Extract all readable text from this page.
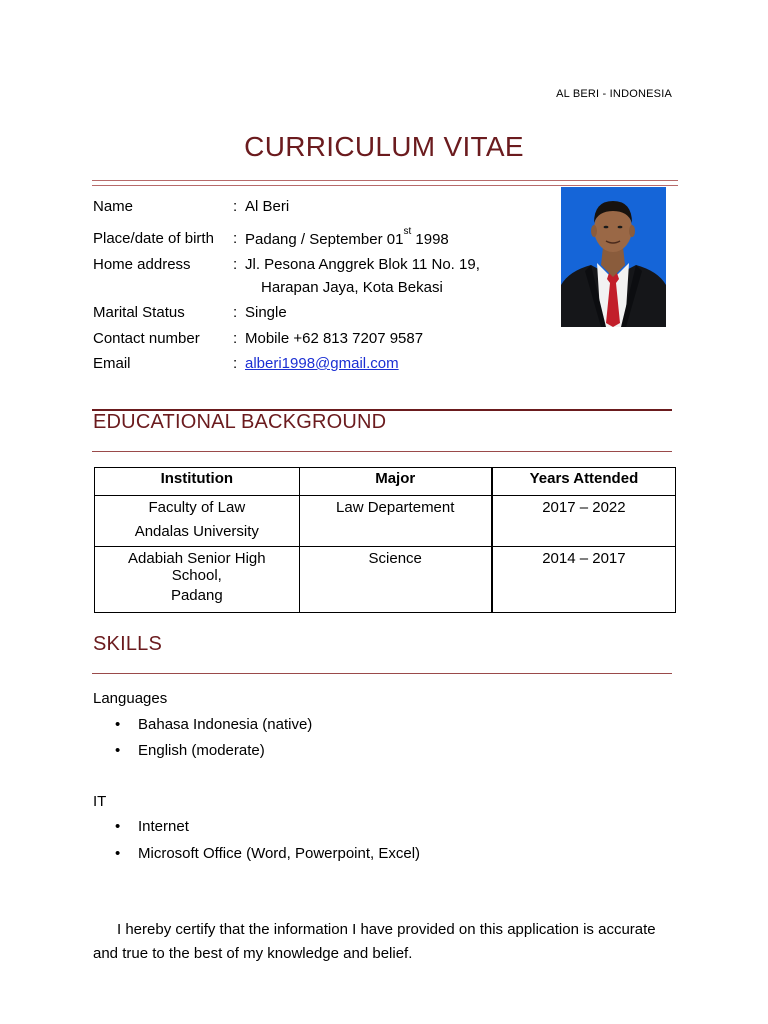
AL BERI - INDONESIA
CURRICULUM VITAE
Name	: Al Beri
Place/date of birth : Padang / September 01st 1998
Home address	: Jl. Pesona Anggrek Blok 11 No. 19,
Harapan Jaya, Kota Bekasi
Marital Status	: Single
Contact number : Mobile +62 813 7207 9587
Email	: alberi1998@gmail.com
EDUCATIONAL BACKGROUND
Institution	Major	Years Attended

Faculty of Law
Andalas University	Law Departement	2017 – 2022

Adabiah Senior High
School,
Padang	Science	2014 – 2017
SKILLS
Languages
• Bahasa Indonesia (native)
• English (moderate)
IT
• Internet
• Microsoft Office (Word, Powerpoint, Excel)
I hereby certify that the information I have provided on this application is accurate
and true to the best of my knowledge and belief.
